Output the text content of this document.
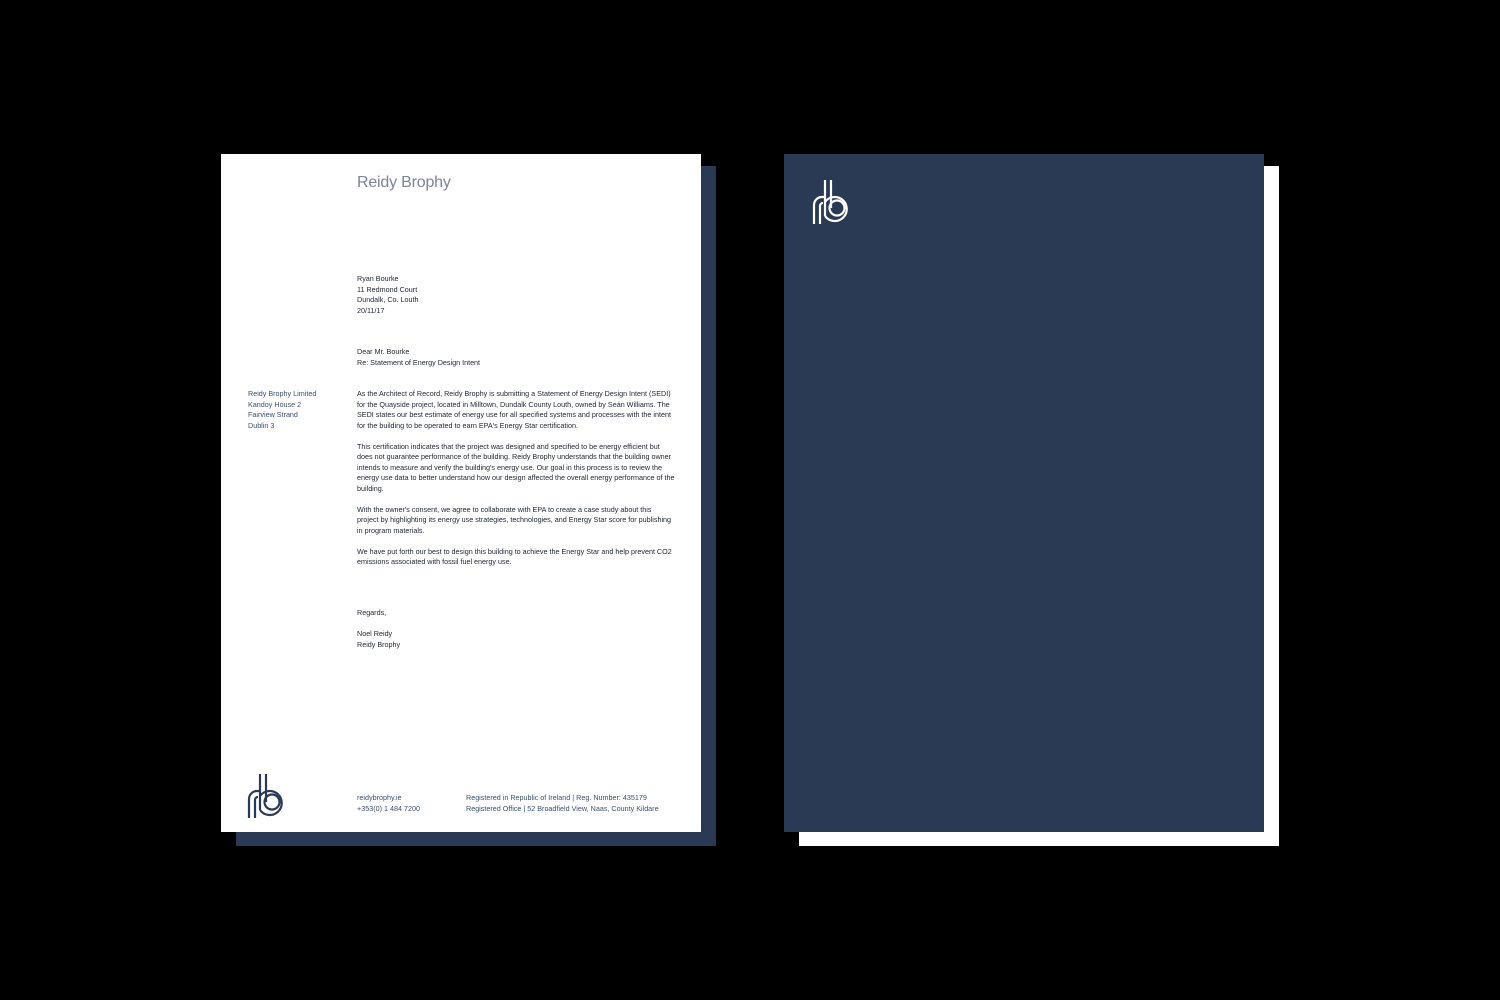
Reidy Brophy
Ryan Bourke
11 Redmond Court
Dundalk, Co. Louth
20/11/17
Dear Mr. Bourke
Re: Statement of Energy Design Intent
Reidy Brophy Limited
Kandoy House 2
Fairview Strand
Dublin 3

As the Architect of Record, Reidy Brophy is submitting a Statement of Energy Design Intent (SEDI) for the Quayside project, located in Milltown, Dundalk County Louth, owned by Seán Williams. The SEDI states our best estimate of energy use for all specified systems and processes with the intent for the building to be operated to earn EPA's Energy Star certification.

This certification indicates that the project was designed and specified to be energy efficient but does not guarantee performance of the building. Reidy Brophy understands that the building owner intends to measure and verify the building's energy use. Our goal in this process is to review the energy use data to better understand how our design affected the overall energy performance of the building.

With the owner's consent, we agree to collaborate with EPA to create a case study about this project by highlighting its energy use strategies, technologies, and Energy Star score for publishing in program materials.

We have put forth our best to design this building to achieve the Energy Star and help prevent CO2 emissions associated with fossil fuel energy use.

Regards,
Noel Reidy
Reidy Brophy
reidybrophy.ie
+353(0) 1 484 7200
Registered in Republic of Ireland | Reg. Number: 435179
Registered Office | 52 Broadfield View, Naas, County Kildare
